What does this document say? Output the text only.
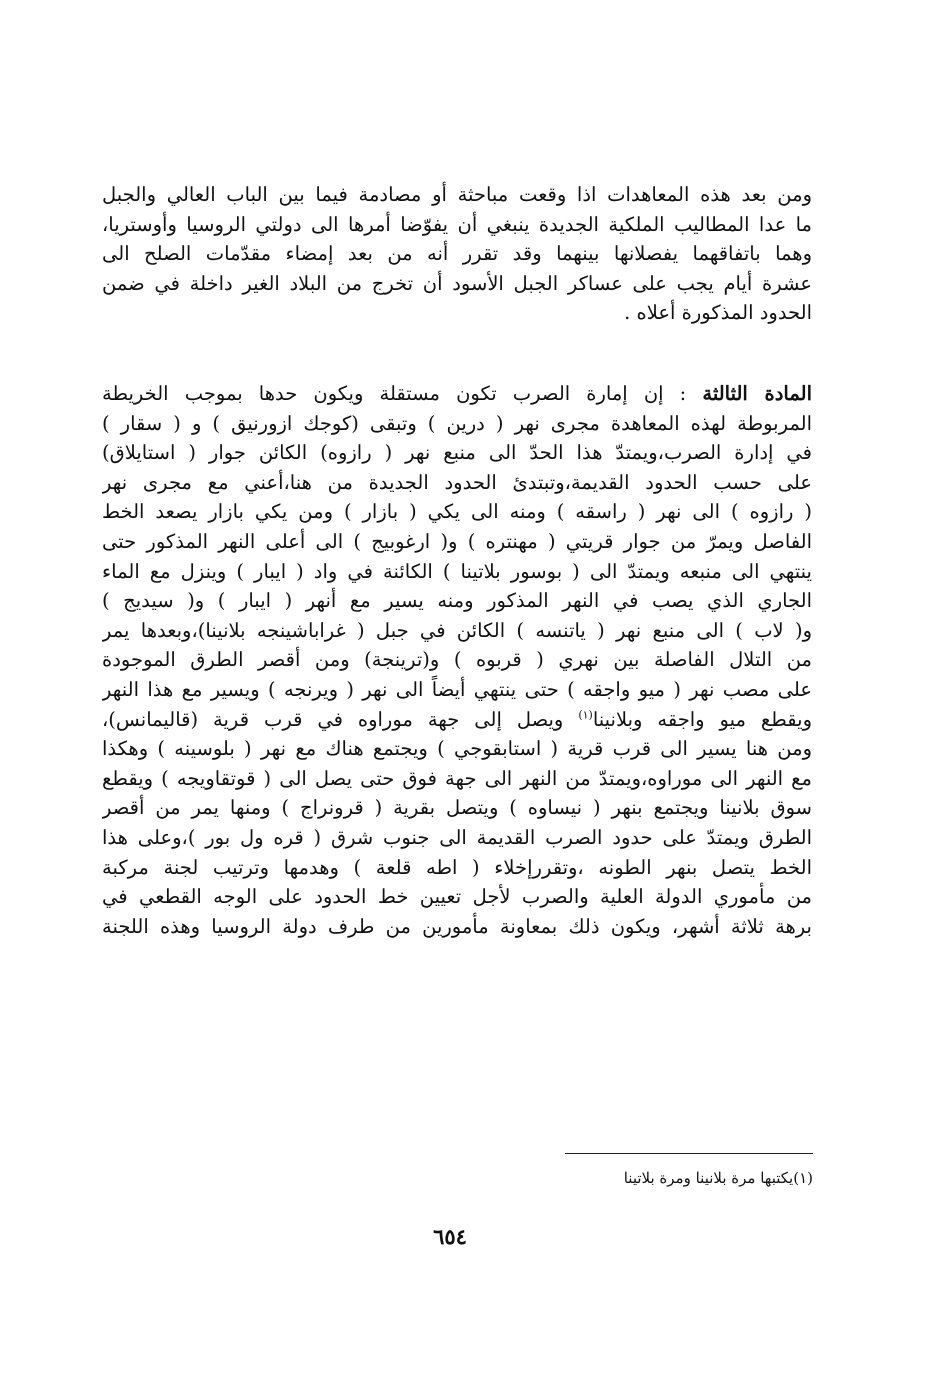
ومن بعد هذه المعاهدات اذا وقعت مباحثة أو مصادمة فيما بين الباب العالي والجبل
ما عدا المطاليب الملكية الجديدة ينبغي أن يفوّضا أمرها الى دولتي الروسيا وأوستريا،
وهما باتفاقهما يفصلانها بينهما وقد تقرر أنه من بعد إمضاء مقدّمات الصلح الى
عشرة أيام يجب على عساكر الجبل الأسود أن تخرج من البلاد الغير داخلة في ضمن
الحدود المذكورة أعلاه .
المادة الثالثة : إن إمارة الصرب تكون مستقلة ويكون حدها بموجب الخريطة
المربوطة لهذه المعاهدة مجرى نهر ( درين ) وتبقى (كوجك ازورنيق ) و ( سقار )
في إدارة الصرب،ويمتدّ هذا الحدّ الى منبع نهر ( رازوه) الكائن جوار ( استايلاق)
على حسب الحدود القديمة،وتبتدئ الحدود الجديدة من هنا،أعني مع مجرى نهر
( رازوه ) الى نهر ( راسقه ) ومنه الى يكي ( بازار ) ومن يكي بازار يصعد الخط
الفاصل ويمرّ من جوار قريتي ( مهنتره ) و( ارغوبيج ) الى أعلى النهر المذكور حتى
ينتهي الى منبعه ويمتدّ الى ( بوسور بلاتينا ) الكائنة في واد ( ايبار ) وينزل مع الماء
الجاري الذي يصب في النهر المذكور ومنه يسير مع أنهر ( ايبار ) و( سيديج )
و( لاب ) الى منبع نهر ( ياتنسه ) الكائن في جبل ( غراباشينجه بلانينا)،وبعدها يمر
من التلال الفاصلة بين نهري ( قربوه ) و(ترينجة) ومن أقصر الطرق الموجودة
على مصب نهر ( ميو واجقه ) حتى ينتهي أيضاً الى نهر ( ويرنجه ) ويسير مع هذا النهر
ويقطع ميو واجقه وبلانينا$^{(١)}$ ويصل إلى جهة موراوه في قرب قرية (قاليمانس)،
ومن هنا يسير الى قرب قرية ( استابقوجي ) ويجتمع هناك مع نهر ( بلوسينه ) وهكذا
مع النهر الى موراوه،ويمتدّ من النهر الى جهة فوق حتى يصل الى ( قوتقاويجه ) ويقطع
سوق بلانينا ويجتمع بنهر ( نيساوه ) ويتصل بقرية ( قرونراج ) ومنها يمر من أقصر
الطرق ويمتدّ على حدود الصرب القديمة الى جنوب شرق ( قره ول بور )،وعلى هذا
الخط يتصل بنهر الطونه ،وتقررإخلاء ( اطه قلعة ) وهدمها وترتيب لجنة مركبة
من مأموري الدولة العلية والصرب لأجل تعيين خط الحدود على الوجه القطعي في
برهة ثلاثة أشهر، ويكون ذلك بمعاونة مأمورين من طرف دولة الروسيا وهذه اللجنة
(١)يكتبها مرة بلانينا ومرة بلاتينا
٦٥٤
